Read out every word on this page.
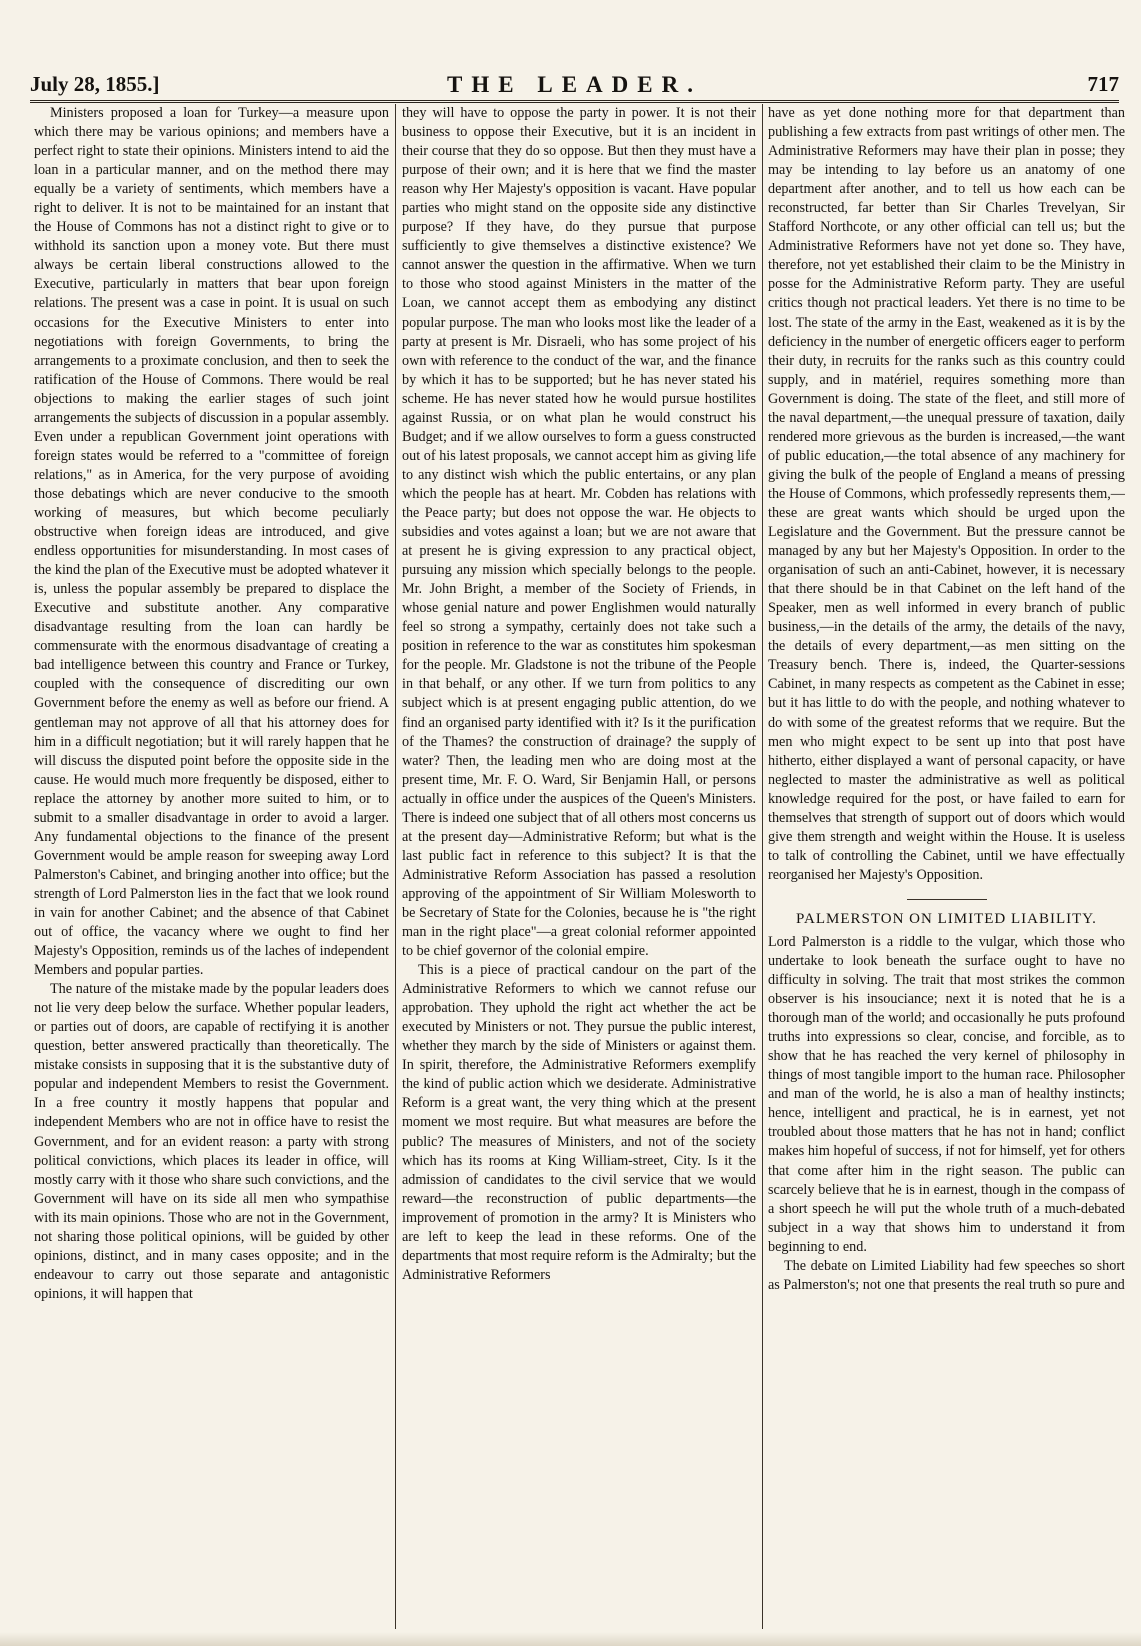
July 28, 1855.]	THE LEADER.	717

Ministers proposed a loan for Turkey—a measure upon which there may be various opinions; and members have a perfect right to state their opinions. Ministers intend to aid the loan in a particular manner, and on the method there may equally be a variety of sentiments, which members have a right to deliver. It is not to be maintained for an instant that the House of Commons has not a distinct right to give or to withhold its sanction upon a money vote. But there must always be certain liberal constructions allowed to the Executive, particularly in matters that bear upon foreign relations. The present was a case in point. It is usual on such occasions for the Executive Ministers to enter into negotiations with foreign Governments, to bring the arrangements to a proximate conclusion, and then to seek the ratification of the House of Commons. There would be real objections to making the earlier stages of such joint arrangements the subjects of discussion in a popular assembly. Even under a republican Government joint operations with foreign states would be referred to a "committee of foreign relations," as in America, for the very purpose of avoiding those debatings which are never conducive to the smooth working of measures, but which become peculiarly obstructive when foreign ideas are introduced, and give endless opportunities for misunderstanding. In most cases of the kind the plan of the Executive must be adopted whatever it is, unless the popular assembly be prepared to displace the Executive and substitute another. Any comparative disadvantage resulting from the loan can hardly be commensurate with the enormous disadvantage of creating a bad intelligence between this country and France or Turkey, coupled with the consequence of discrediting our own Government before the enemy as well as before our friend. A gentleman may not approve of all that his attorney does for him in a difficult negotiation; but it will rarely happen that he will discuss the disputed point before the opposite side in the cause. He would much more frequently be disposed, either to replace the attorney by another more suited to him, or to submit to a smaller disadvantage in order to avoid a larger. Any fundamental objections to the finance of the present Government would be ample reason for sweeping away Lord Palmerston's Cabinet, and bringing another into office; but the strength of Lord Palmerston lies in the fact that we look round in vain for another Cabinet; and the absence of that Cabinet out of office, the vacancy where we ought to find her Majesty's Opposition, reminds us of the laches of independent Members and popular parties.

The nature of the mistake made by the popular leaders does not lie very deep below the surface. Whether popular leaders, or parties out of doors, are capable of rectifying it is another question, better answered practically than theoretically. The mistake consists in supposing that it is the substantive duty of popular and independent Members to resist the Government. In a free country it mostly happens that popular and independent Members who are not in office have to resist the Government, and for an evident reason: a party with strong political convictions, which places its leader in office, will mostly carry with it those who share such convictions, and the Government will have on its side all men who sympathise with its main opinions. Those who are not in the Government, not sharing those political opinions, will be guided by other opinions, distinct, and in many cases opposite; and in the endeavour to carry out those separate and antagonistic opinions, it will happen that

they will have to oppose the party in power. It is not their business to oppose their Executive, but it is an incident in their course that they do so oppose. But then they must have a purpose of their own; and it is here that we find the master reason why Her Majesty's opposition is vacant. Have popular parties who might stand on the opposite side any distinctive purpose? If they have, do they pursue that purpose sufficiently to give themselves a distinctive existence? We cannot answer the question in the affirmative. When we turn to those who stood against Ministers in the matter of the Loan, we cannot accept them as embodying any distinct popular purpose. The man who looks most like the leader of a party at present is Mr. Disraeli, who has some project of his own with reference to the conduct of the war, and the finance by which it has to be supported; but he has never stated his scheme. He has never stated how he would pursue hostilites against Russia, or on what plan he would construct his Budget; and if we allow ourselves to form a guess constructed out of his latest proposals, we cannot accept him as giving life to any distinct wish which the public entertains, or any plan which the people has at heart. Mr. Cobden has relations with the Peace party; but does not oppose the war. He objects to subsidies and votes against a loan; but we are not aware that at present he is giving expression to any practical object, pursuing any mission which specially belongs to the people. Mr. John Bright, a member of the Society of Friends, in whose genial nature and power Englishmen would naturally feel so strong a sympathy, certainly does not take such a position in reference to the war as constitutes him spokesman for the people. Mr. Gladstone is not the tribune of the People in that behalf, or any other. If we turn from politics to any subject which is at present engaging public attention, do we find an organised party identified with it? Is it the purification of the Thames? the construction of drainage? the supply of water? Then, the leading men who are doing most at the present time, Mr. F. O. Ward, Sir Benjamin Hall, or persons actually in office under the auspices of the Queen's Ministers. There is indeed one subject that of all others most concerns us at the present day—Administrative Reform; but what is the last public fact in reference to this subject? It is that the Administrative Reform Association has passed a resolution approving of the appointment of Sir William Molesworth to be Secretary of State for the Colonies, because he is "the right man in the right place"—a great colonial reformer appointed to be chief governor of the colonial empire.

This is a piece of practical candour on the part of the Administrative Reformers to which we cannot refuse our approbation. They uphold the right act whether the act be executed by Ministers or not. They pursue the public interest, whether they march by the side of Ministers or against them. In spirit, therefore, the Administrative Reformers exemplify the kind of public action which we desiderate. Administrative Reform is a great want, the very thing which at the present moment we most require. But what measures are before the public? The measures of Ministers, and not of the society which has its rooms at King William-street, City. Is it the admission of candidates to the civil service that we would reward—the reconstruction of public departments—the improvement of promotion in the army? It is Ministers who are left to keep the lead in these reforms. One of the departments that most require reform is the Admiralty; but the Administrative Reformers

have as yet done nothing more for that department than publishing a few extracts from past writings of other men. The Administrative Reformers may have their plan in posse; they may be intending to lay before us an anatomy of one department after another, and to tell us how each can be reconstructed, far better than Sir Charles Trevelyan, Sir Stafford Northcote, or any other official can tell us; but the Administrative Reformers have not yet done so. They have, therefore, not yet established their claim to be the Ministry in posse for the Administrative Reform party. They are useful critics though not practical leaders. Yet there is no time to be lost. The state of the army in the East, weakened as it is by the deficiency in the number of energetic officers eager to perform their duty, in recruits for the ranks such as this country could supply, and in matériel, requires something more than Government is doing. The state of the fleet, and still more of the naval department,—the unequal pressure of taxation, daily rendered more grievous as the burden is increased,—the want of public education,—the total absence of any machinery for giving the bulk of the people of England a means of pressing the House of Commons, which professedly represents them,—these are great wants which should be urged upon the Legislature and the Government. But the pressure cannot be managed by any but her Majesty's Opposition. In order to the organisation of such an anti-Cabinet, however, it is necessary that there should be in that Cabinet on the left hand of the Speaker, men as well informed in every branch of public business,—in the details of the army, the details of the navy, the details of every department,—as men sitting on the Treasury bench. There is, indeed, the Quarter-sessions Cabinet, in many respects as competent as the Cabinet in esse; but it has little to do with the people, and nothing whatever to do with some of the greatest reforms that we require. But the men who might expect to be sent up into that post have hitherto, either displayed a want of personal capacity, or have neglected to master the administrative as well as political knowledge required for the post, or have failed to earn for themselves that strength of support out of doors which would give them strength and weight within the House. It is useless to talk of controlling the Cabinet, until we have effectually reorganised her Majesty's Opposition.

PALMERSTON ON LIMITED LIABILITY.

Lord Palmerston is a riddle to the vulgar, which those who undertake to look beneath the surface ought to have no difficulty in solving. The trait that most strikes the common observer is his insouciance; next it is noted that he is a thorough man of the world; and occasionally he puts profound truths into expressions so clear, concise, and forcible, as to show that he has reached the very kernel of philosophy in things of most tangible import to the human race. Philosopher and man of the world, he is also a man of healthy instincts; hence, intelligent and practical, he is in earnest, yet not troubled about those matters that he has not in hand; conflict makes him hopeful of success, if not for himself, yet for others that come after him in the right season. The public can scarcely believe that he is in earnest, though in the compass of a short speech he will put the whole truth of a much-debated subject in a way that shows him to understand it from beginning to end.

The debate on Limited Liability had few speeches so short as Palmerston's; not one that presents the real truth so pure and
